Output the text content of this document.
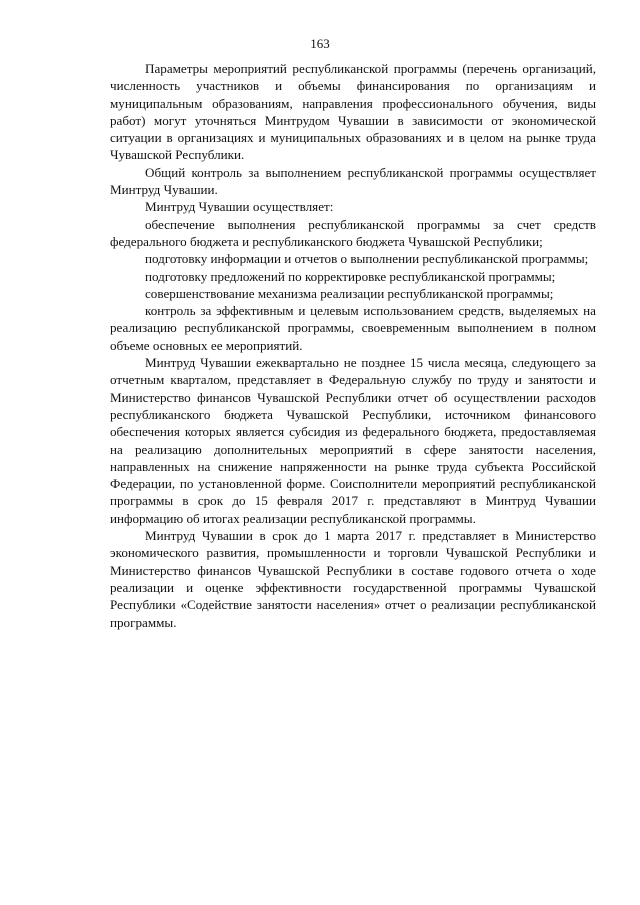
163

Параметры мероприятий республиканской программы (перечень организаций, численность участников и объемы финансирования по организациям и муниципальным образованиям, направления профессионального обучения, виды работ) могут уточняться Минтрудом Чувашии в зависимости от экономической ситуации в организациях и муниципальных образованиях и в целом на рынке труда Чувашской Республики.

Общий контроль за выполнением республиканской программы осуществляет Минтруд Чувашии.

Минтруд Чувашии осуществляет:

обеспечение выполнения республиканской программы за счет средств федерального бюджета и республиканского бюджета Чувашской Республики;

подготовку информации и отчетов о выполнении республиканской программы;

подготовку предложений по корректировке республиканской программы;

совершенствование механизма реализации республиканской программы;

контроль за эффективным и целевым использованием средств, выделяемых на реализацию республиканской программы, своевременным выполнением в полном объеме основных ее мероприятий.

Минтруд Чувашии ежеквартально не позднее 15 числа месяца, следующего за отчетным кварталом, представляет в Федеральную службу по труду и занятости и Министерство финансов Чувашской Республики отчет об осуществлении расходов республиканского бюджета Чувашской Республики, источником финансового обеспечения которых является субсидия из федерального бюджета, предоставляемая на реализацию дополнительных мероприятий в сфере занятости населения, направленных на снижение напряженности на рынке труда субъекта Российской Федерации, по установленной форме. Соисполнители мероприятий республиканской программы в срок до 15 февраля 2017 г. представляют в Минтруд Чувашии информацию об итогах реализации республиканской программы.

Минтруд Чувашии в срок до 1 марта 2017 г. представляет в Министерство экономического развития, промышленности и торговли Чувашской Республики и Министерство финансов Чувашской Республики в составе годового отчета о ходе реализации и оценке эффективности государственной программы Чувашской Республики «Содействие занятости населения» отчет о реализации республиканской программы.
